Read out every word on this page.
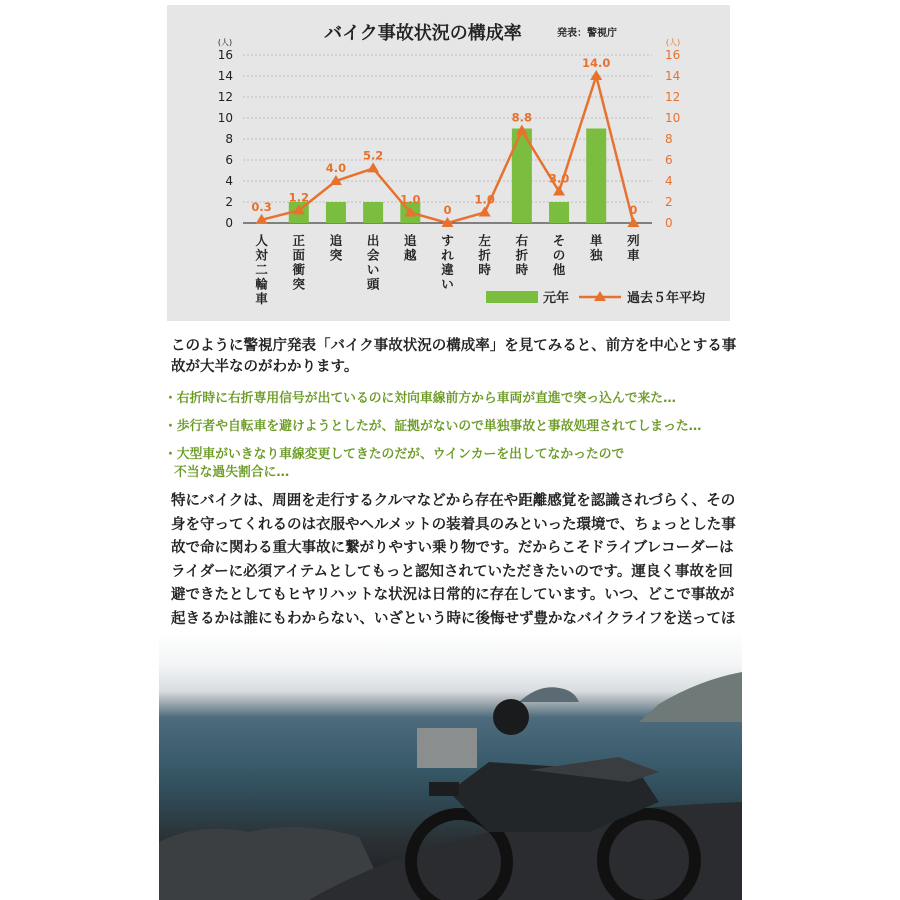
バイク事故状況の構成率	発表：警視庁
(人)	(人)
0	0
2	2
4	4
6	6
8	8
10	10
12	12
14	14
16	16
0.3
1.2
4.0
5.2
1.0
0
1.0
8.8
3.0
14.0
0
人対二輪車
正面衝突
追突
出会い頭
追越
すれ違い
左折時
右折時
その他
単独
列車
元年	過去５年平均

このように警視庁発表「バイク事故状況の構成率」を見てみると、前方を中心とする事故が大半なのがわかります。

・右折時に右折専用信号が出ているのに対向車線前方から車両が直進で突っ込んで来た…
・歩行者や自転車を避けようとしたが、証拠がないので単独事故と事故処理されてしまった…
・大型車がいきなり車線変更してきたのだが、ウインカーを出してなかったので
不当な過失割合に…

特にバイクは、周囲を走行するクルマなどから存在や距離感覚を認識されづらく、その身を守ってくれるのは衣服やヘルメットの装着具のみといった環境で、ちょっとした事故で命に関わる重大事故に繋がりやすい乗り物です。だからこそドライブレコーダーはライダーに必須アイテムとしてもっと認知されていただきたいのです。運良く事故を回避できたとしてもヒヤリハットな状況は日常的に存在しています。いつ、どこで事故が起きるかは誰にもわからない、いざという時に後悔せず豊かなバイクライフを送ってほ
